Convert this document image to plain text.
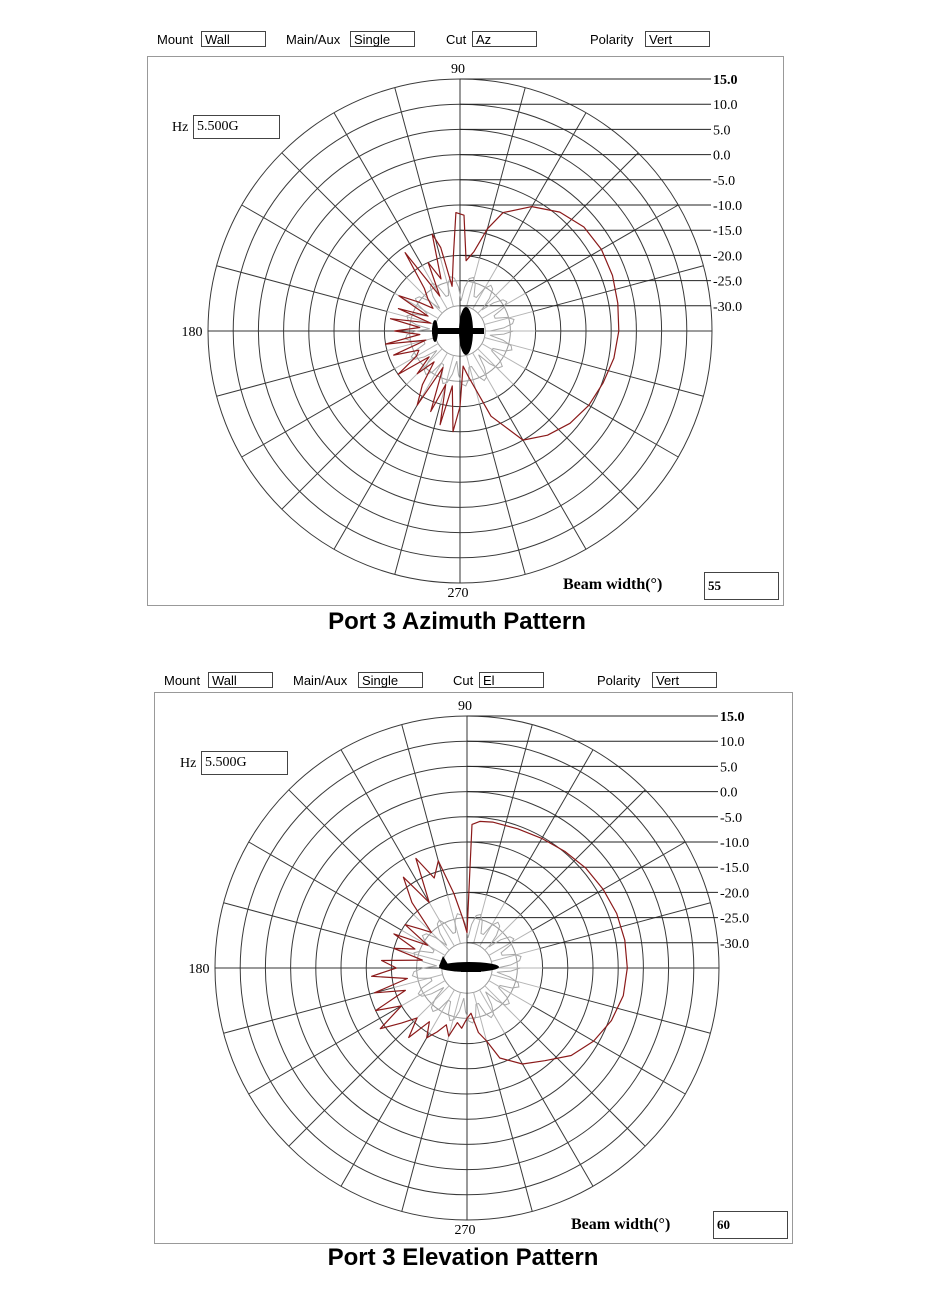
Mount Wall	Main/Aux	Single	Cut Az	Polarity	Vert
15.0
10.0
5.0
0.0
-5.0
-10.0
-15.0
-20.0
-25.0
-30.0
90
180
270
Hz 5.500G
Beam width(°)	55
Port 3 Azimuth Pattern
Mount Wall	Main/Aux	Single	Cut El	Polarity	Vert
15.0
10.0
5.0
0.0
-5.0
-10.0
-15.0
-20.0
-25.0
-30.0
90
180
270
Hz 5.500G
Beam width(°)	60
Port 3 Elevation Pattern
